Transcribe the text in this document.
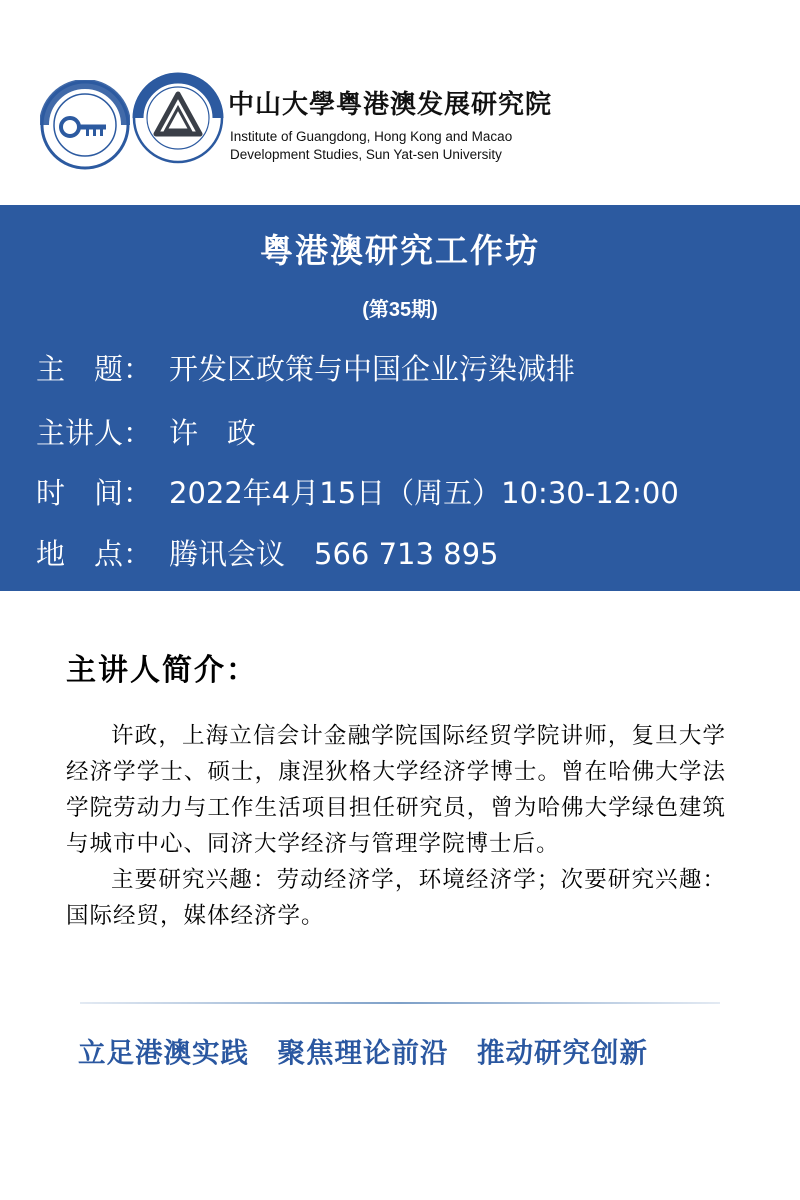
中山大學粤港澳发展研究院
Institute of Guangdong, Hong Kong and Macao
Development Studies, Sun Yat-sen University
粤港澳研究工作坊
(第35期)
主　题： 开发区政策与中国企业污染减排
主讲人： 许　政
时　间： 2022年4月15日（周五）10:30-12:00
地　点： 腾讯会议　566 713 895
主讲人简介：

许政，上海立信会计金融学院国际经贸学院讲师，复旦大学经济学学士、硕士，康涅狄格大学经济学博士。曾在哈佛大学法学院劳动力与工作生活项目担任研究员，曾为哈佛大学绿色建筑与城市中心、同济大学经济与管理学院博士后。

主要研究兴趣：劳动经济学，环境经济学；次要研究兴趣：国际经贸，媒体经济学。

立足港澳实践　聚焦理论前沿　推动研究创新
